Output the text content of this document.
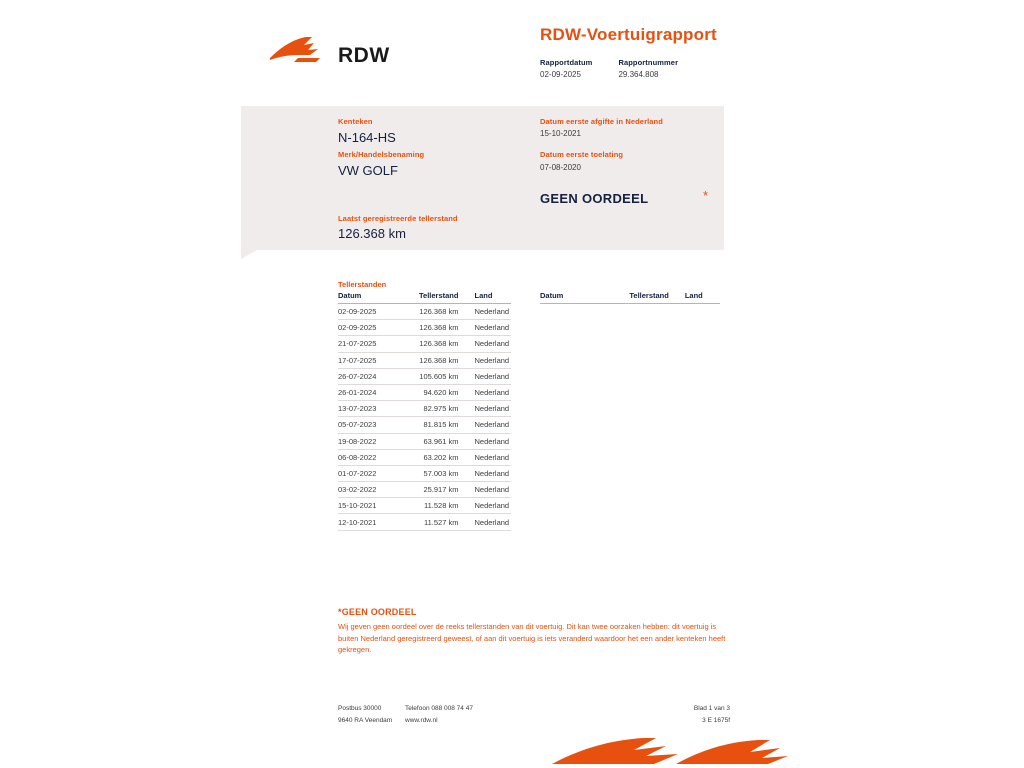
RDW
RDW-Voertuigrapport
Rapportdatum
02-09-2025
Rapportnummer
29.364.808
Kenteken
N-164-HS
Merk/Handelsbenaming
VW GOLF
Laatst geregistreerde tellerstand
126.368 km
Datum eerste afgifte in Nederland
15-10-2021
Datum eerste toelating
07-08-2020
GEEN OORDEEL	*
Tellerstanden
Datum	Tellerstand	Land
02-09-2025	126.368 km	Nederland
02-09-2025	126.368 km	Nederland
21-07-2025	126.368 km	Nederland
17-07-2025	126.368 km	Nederland
26-07-2024	105.605 km	Nederland
26-01-2024	94.620 km	Nederland
13-07-2023	82.975 km	Nederland
05-07-2023	81.815 km	Nederland
19-08-2022	63.961 km	Nederland
06-08-2022	63.202 km	Nederland
01-07-2022	57.003 km	Nederland
03-02-2022	25.917 km	Nederland
15-10-2021	11.528 km	Nederland
12-10-2021	11.527 km	Nederland
Datum	Tellerstand	Land
*GEEN OORDEEL
Wij geven geen oordeel over de reeks tellerstanden van dit voertuig. Dit kan twee oorzaken hebben: dit voertuig is buiten Nederland geregistreerd geweest, of aan dit voertuig is iets veranderd waardoor het een ander kenteken heeft gekregen.
Postbus 30000
9640 RA Veendam
Telefoon 088 008 74 47
www.rdw.nl
Blad 1 van 3
3 E 1675f
